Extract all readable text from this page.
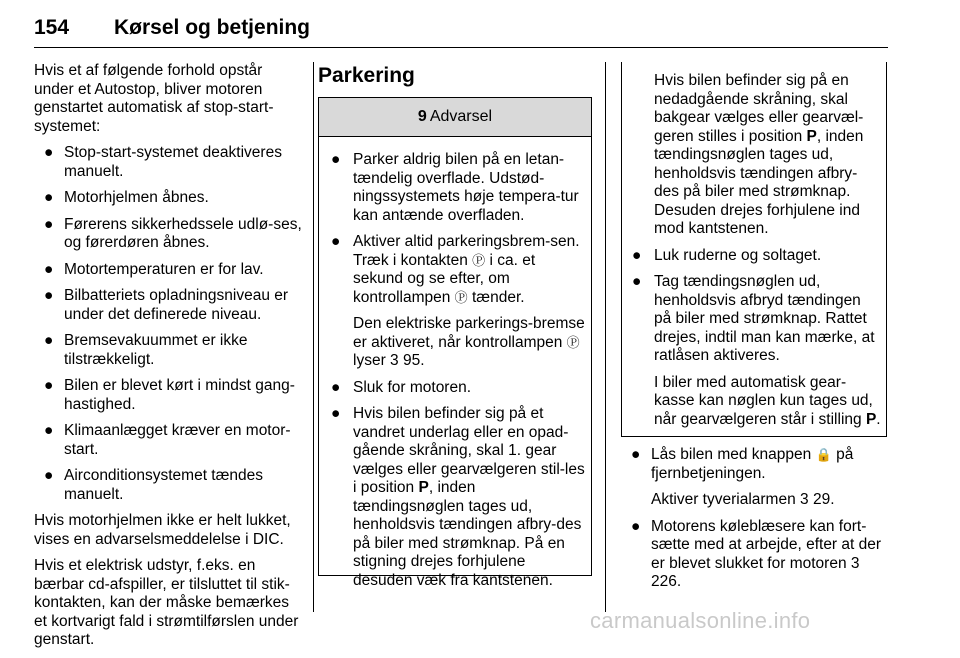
154 Kørsel og betjening

Hvis et af følgende forhold opstår under et Autostop, bliver motoren genstartet automatisk af stop-start-systemet:

● Stop-start-systemet deaktiveres manuelt.
● Motorhjelmen åbnes.
● Førerens sikkerhedssele udlø-ses, og førerdøren åbnes.
● Motortemperaturen er for lav.
● Bilbatteriets opladningsniveau er under det definerede niveau.
● Bremsevakuummet er ikke tilstrækkeligt.
● Bilen er blevet kørt i mindst gang-hastighed.
● Klimaanlægget kræver en motor-start.
● Airconditionsystemet tændes manuelt.

Hvis motorhjelmen ikke er helt lukket, vises en advarselsmeddelelse i DIC.

Hvis et elektrisk udstyr, f.eks. en bærbar cd-afspiller, er tilsluttet til stik-kontakten, kan der måske bemærkes et kortvarigt fald i strømtilførslen under genstart.

Parkering
9 Advarsel
● Parker aldrig bilen på en letan-tændelig overflade. Udstød-ningssystemets høje tempera-tur kan antænde overfladen.
● Aktiver altid parkeringsbrem-sen. Træk i kontakten Ⓟ i ca. et sekund og se efter, om kontrollampen Ⓟ tænder.

Den elektriske parkerings-bremse er aktiveret, når kontrollampen Ⓟ lyser 3 95.

● Sluk for motoren.
● Hvis bilen befinder sig på et vandret underlag eller en opad-gående skråning, skal 1. gear vælges eller gearvælgeren stil-les i position P, inden tændingsnøglen tages ud, henholdsvis tændingen afbry-des på biler med strømknap. På en stigning drejes forhjulene desuden væk fra kantstenen.

Hvis bilen befinder sig på en nedadgående skråning, skal bakgear vælges eller gearvæl-geren stilles i position P, inden tændingsnøglen tages ud, henholdsvis tændingen afbry-des på biler med strømknap. Desuden drejes forhjulene ind mod kantstenen.

● Luk ruderne og soltaget.
● Tag tændingsnøglen ud, henholdsvis afbryd tændingen på biler med strømknap. Rattet drejes, indtil man kan mærke, at ratlåsen aktiveres.

I biler med automatisk gear-kasse kan nøglen kun tages ud, når gearvælgeren står i stilling P.

● Lås bilen med knappen 🔒 på fjernbetjeningen.

Aktiver tyverialarmen 3 29.

● Motorens køleblæsere kan fort-sætte med at arbejde, efter at der er blevet slukket for motoren 3 226.
carmanualsonline.info
